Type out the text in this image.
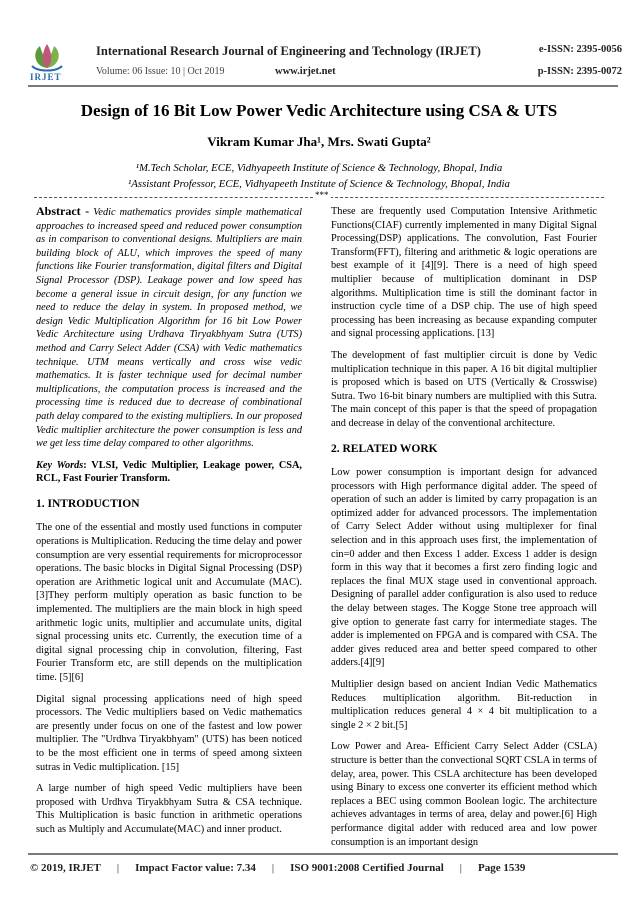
IRJET
International Research Journal of Engineering and Technology (IRJET)	e-ISSN: 2395-0056
Volume: 06 Issue: 10 | Oct 2019	www.irjet.net	p-ISSN: 2395-0072
Design of 16 Bit Low Power Vedic Architecture using CSA & UTS
Vikram Kumar Jha¹, Mrs. Swati Gupta²
¹M.Tech Scholar, ECE, Vidhyapeeth Institute of Science & Technology, Bhopal, India
¹Assistant Professor, ECE, Vidhyapeeth Institute of Science & Technology, Bhopal, India
***

Abstract - Vedic mathematics provides simple mathematical approaches to increased speed and reduced power consumption as in comparison to conventional designs. Multipliers are main building block of ALU, which improves the speed of many functions like Fourier transformation, digital filters and Digital Signal Processor (DSP). Leakage power and low speed has become a general issue in circuit design, for any function we need to reduce the delay in system. In proposed method, we design Vedic Multiplication Algorithm for 16 bit Low Power Vedic Architecture using Urdhava Tiryakbhyam Sutra (UTS) method and Carry Select Adder (CSA) with Vedic mathematics technique. UTM means vertically and cross wise vedic mathematics. It is faster technique used for decimal number multiplications, the computation process is increased and the processing time is reduced due to decrease of combinational path delay compared to the existing multipliers. In our proposed Vedic multiplier architecture the power consumption is less and we get less time delay compared to other algorithms.

Key Words: VLSI, Vedic Multiplier, Leakage power, CSA, RCL, Fast Fourier Transform.

1. INTRODUCTION

The one of the essential and mostly used functions in computer operations is Multiplication. Reducing the time delay and power consumption are very essential requirements for microprocessor operations. The basic blocks in Digital Signal Processing (DSP) operation are Arithmetic logical unit and Accumulate (MAC). [3]They perform multiply operation as basic function to be implemented. The multipliers are the main block in high speed arithmetic logic units, multiplier and accumulate units, digital signal processing units etc. Currently, the execution time of a digital signal processing chip in convolution, filtering, Fast Fourier Transform etc, are still depends on the multiplication time. [5][6]

Digital signal processing applications need of high speed processors. The Vedic multipliers based on Vedic mathematics are presently under focus on one of the fastest and low power multiplier. The "Urdhva Tiryakbhyam" (UTS) has been noticed to be the most efficient one in terms of speed among sixteen sutras in Vedic multiplication. [15]

A large number of high speed Vedic multipliers have been proposed with Urdhva Tiryakbhyam Sutra & CSA technique. This Multiplication is basic function in arithmetic operations such as Multiply and Accumulate(MAC) and inner product.

These are frequently used Computation Intensive Arithmetic Functions(CIAF) currently implemented in many Digital Signal Processing(DSP) applications. The convolution, Fast Fourier Transform(FFT), filtering and arithmetic & logic operations are best example of it [4][9]. There is a need of high speed multiplier because of multiplication dominant in DSP algorithms. Multiplication time is still the dominant factor in instruction cycle time of a DSP chip. The use of high speed processing has been increasing as because expanding computer and signal processing applications. [13]

The development of fast multiplier circuit is done by Vedic multiplication technique in this paper. A 16 bit digital multiplier is proposed which is based on UTS (Vertically & Crosswise) Sutra. Two 16-bit binary numbers are multiplied with this Sutra. The main concept of this paper is that the speed of propagation and decrease in delay of the conventional architecture.

2. RELATED WORK

Low power consumption is important design for advanced processors with High performance digital adder. The speed of operation of such an adder is limited by carry propagation is an optimized adder for advanced processors. The implementation of Carry Select Adder without using multiplexer for final selection and in this approach uses first, the implementation of cin=0 adder and then Excess 1 adder. Excess 1 adder is design form in this way that it becomes a first zero finding logic and replaces the final MUX stage used in conventional approach. Designing of parallel adder configuration is also used to reduce the delay between stages. The Kogge Stone tree approach will give option to generate fast carry for intermediate stages. The adder is implemented on FPGA and is compared with CSA. The adder gives reduced area and better speed compared to other adders.[4][9]

Multiplier design based on ancient Indian Vedic Mathematics Reduces multiplication algorithm. Bit-reduction in multiplication reduces general 4 × 4 bit multiplication to a single 2 × 2 bit.[5]

Low Power and Area- Efficient Carry Select Adder (CSLA) structure is better than the convectional SQRT CSLA in terms of delay, area, power. This CSLA architecture has been developed using Binary to excess one converter its efficient method which replaces a BEC using common Boolean logic. The architecture achieves advantages in terms of area, delay and power.[6] High performance digital adder with reduced area and low power consumption is an important design

© 2019, IRJET | Impact Factor value: 7.34 | ISO 9001:2008 Certified Journal | Page 1539
